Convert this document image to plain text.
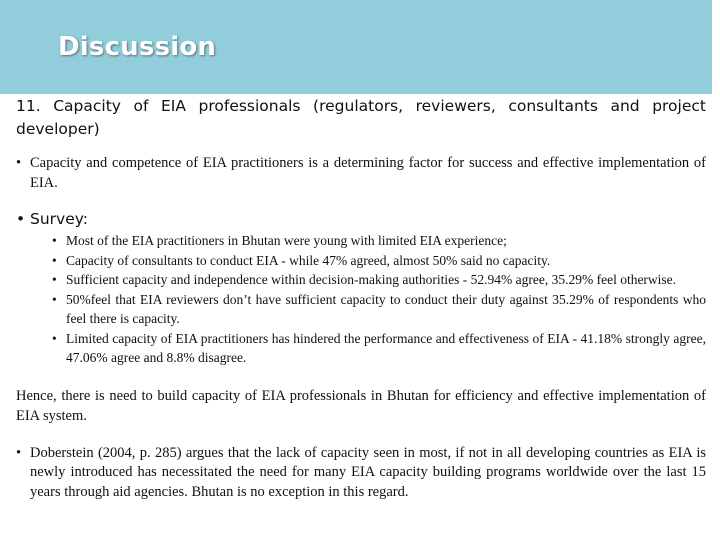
Discussion

11. Capacity of EIA professionals (regulators, reviewers, consultants and project developer)

• Capacity and competence of EIA practitioners is a determining factor for success and effective implementation of EIA.
• Survey:
• Most of the EIA practitioners in Bhutan were young with limited EIA experience;
• Capacity of consultants to conduct EIA - while 47% agreed, almost 50% said no capacity.
• Sufficient capacity and independence within decision-making authorities - 52.94% agree, 35.29% feel otherwise.
• 50%feel that EIA reviewers don’t have sufficient capacity to conduct their duty against 35.29% of respondents who feel there is capacity.
• Limited capacity of EIA practitioners has hindered the performance and effectiveness of EIA - 41.18% strongly agree, 47.06% agree and 8.8% disagree.

Hence, there is need to build capacity of EIA professionals in Bhutan for efficiency and effective implementation of EIA system.

• Doberstein (2004, p. 285) argues that the lack of capacity seen in most, if not in all developing countries as EIA is newly introduced has necessitated the need for many EIA capacity building programs worldwide over the last 15 years through aid agencies. Bhutan is no exception in this regard.
